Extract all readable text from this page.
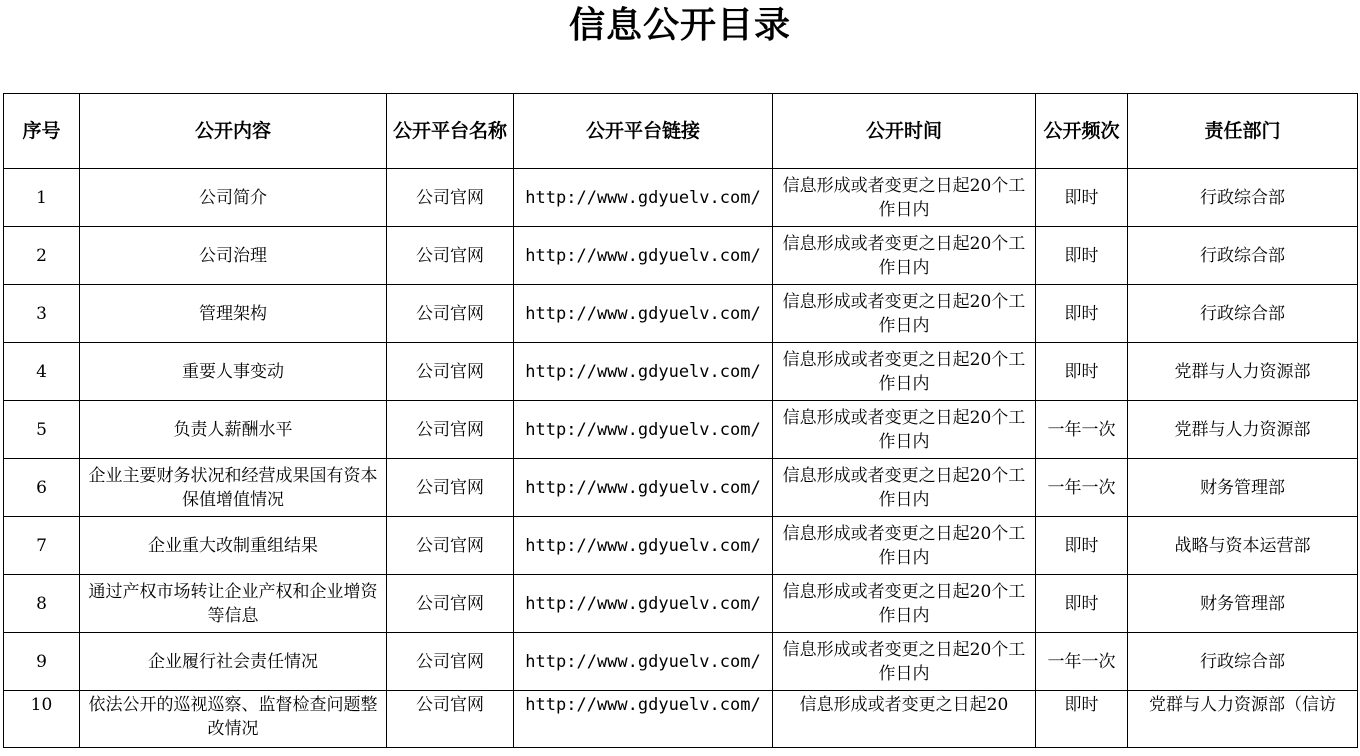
信息公开目录
序号	公开内容	公开平台名称	公开平台链接	公开时间	公开频次	责任部门
1	公司简介	公司官网	http://www.gdyuelv.com/	信息形成或者变更之日起20个工作日内	即时	行政综合部
2	公司治理	公司官网	http://www.gdyuelv.com/	信息形成或者变更之日起20个工作日内	即时	行政综合部
3	管理架构	公司官网	http://www.gdyuelv.com/	信息形成或者变更之日起20个工作日内	即时	行政综合部
4	重要人事变动	公司官网	http://www.gdyuelv.com/	信息形成或者变更之日起20个工作日内	即时	党群与人力资源部
5	负责人薪酬水平	公司官网	http://www.gdyuelv.com/	信息形成或者变更之日起20个工作日内	一年一次	党群与人力资源部
6	企业主要财务状况和经营成果国有资本保值增值情况	公司官网	http://www.gdyuelv.com/	信息形成或者变更之日起20个工作日内	一年一次	财务管理部
7	企业重大改制重组结果	公司官网	http://www.gdyuelv.com/	信息形成或者变更之日起20个工作日内	即时	战略与资本运营部
8	通过产权市场转让企业产权和企业增资等信息	公司官网	http://www.gdyuelv.com/	信息形成或者变更之日起20个工作日内	即时	财务管理部
9	企业履行社会责任情况	公司官网	http://www.gdyuelv.com/	信息形成或者变更之日起20个工作日内	一年一次	行政综合部
10	依法公开的巡视巡察、监督检查问题整改情况	公司官网	http://www.gdyuelv.com/	信息形成或者变更之日起20	即时	党群与人力资源部（信访
